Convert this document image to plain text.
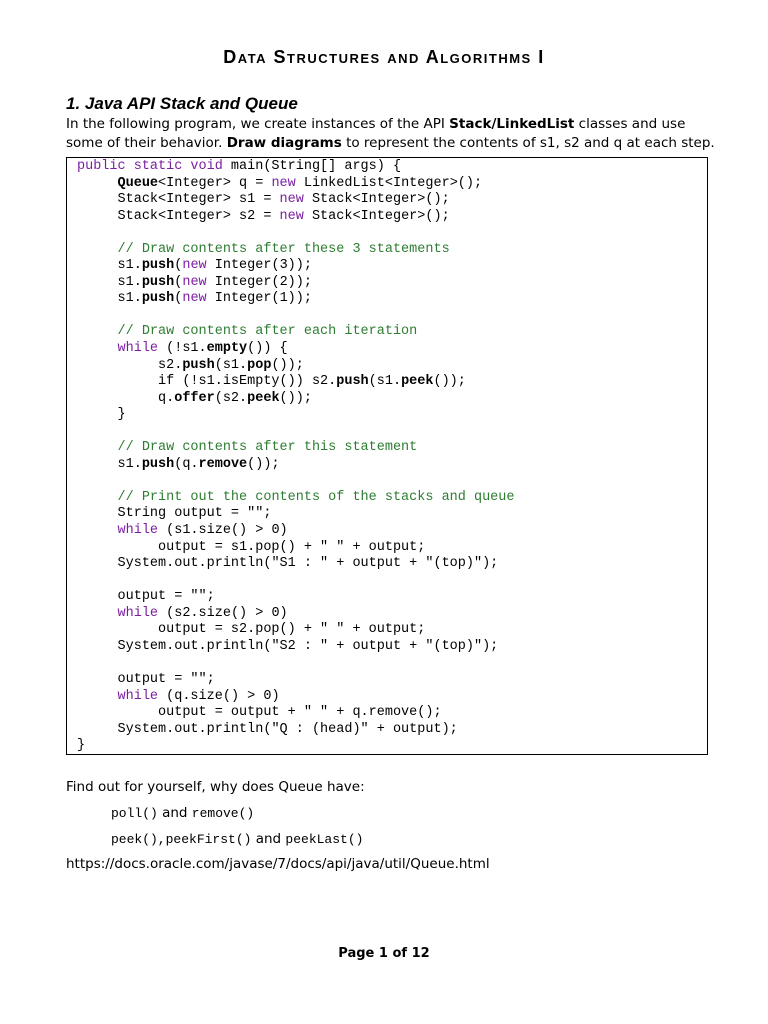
Data Structures and Algorithms I
1. Java API Stack and Queue
In the following program, we create instances of the API Stack/LinkedList classes and use some of their behavior. Draw diagrams to represent the contents of s1, s2 and q at each step.
public static void main(String[] args) {
Queue<Integer> q = new LinkedList<Integer>();
Stack<Integer> s1 = new Stack<Integer>();
Stack<Integer> s2 = new Stack<Integer>();

// Draw contents after these 3 statements
s1.push(new Integer(3));
s1.push(new Integer(2));
s1.push(new Integer(1));

// Draw contents after each iteration
while (!s1.empty()) {
s2.push(s1.pop());
if (!s1.isEmpty()) s2.push(s1.peek());
q.offer(s2.peek());
}

// Draw contents after this statement
s1.push(q.remove());

// Print out the contents of the stacks and queue
String output = "";
while (s1.size() > 0)
output = s1.pop() + " " + output;
System.out.println("S1 : " + output + "(top)");

output = "";
while (s2.size() > 0)
output = s2.pop() + " " + output;
System.out.println("S2 : " + output + "(top)");

output = "";
while (q.size() > 0)
output = output + " " + q.remove();
System.out.println("Q : (head)" + output);
}
Find out for yourself, why does Queue have:
poll() and remove()
peek(),peekFirst() and peekLast()
https://docs.oracle.com/javase/7/docs/api/java/util/Queue.html
Page 1 of 12
